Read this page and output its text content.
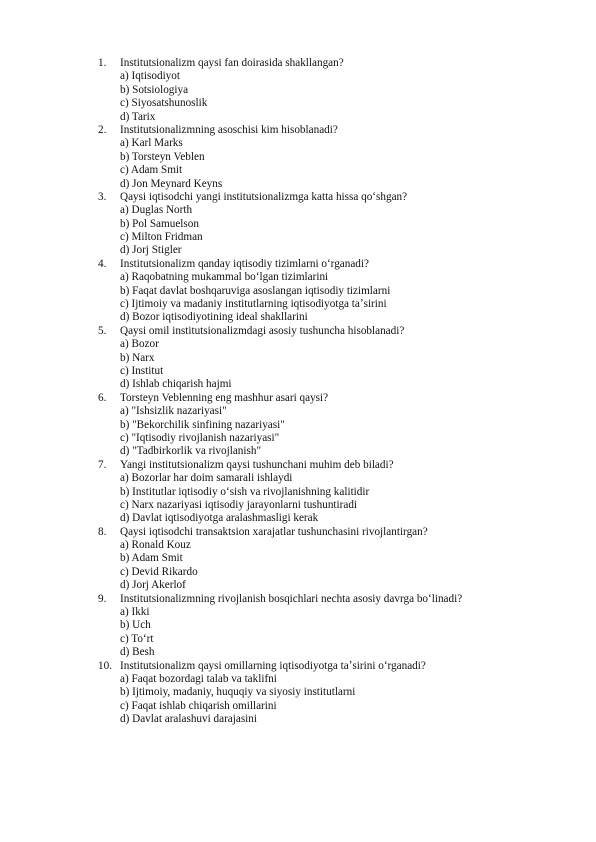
1.	Institutsionalizm qaysi fan doirasida shakllangan?
a) Iqtisodiyot
b) Sotsiologiya
c) Siyosatshunoslik
d) Tarix
2.	Institutsionalizmning asoschisi kim hisoblanadi?
a) Karl Marks
b) Torsteyn Veblen
c) Adam Smit
d) Jon Meynard Keyns
3.	Qaysi iqtisodchi yangi institutsionalizmga katta hissa qoʻshgan?
a) Duglas North
b) Pol Samuelson
c) Milton Fridman
d) Jorj Stigler
4.	Institutsionalizm qanday iqtisodiy tizimlarni oʻrganadi?
a) Raqobatning mukammal boʻlgan tizimlarini
b) Faqat davlat boshqaruviga asoslangan iqtisodiy tizimlarni
c) Ijtimoiy va madaniy institutlarning iqtisodiyotga taʼsirini
d) Bozor iqtisodiyotining ideal shakllarini
5.	Qaysi omil institutsionalizmdagi asosiy tushuncha hisoblanadi?
a) Bozor
b) Narx
c) Institut
d) Ishlab chiqarish hajmi
6.	Torsteyn Veblenning eng mashhur asari qaysi?
a) "Ishsizlik nazariyasi"
b) "Bekorchilik sinfining nazariyasi"
c) "Iqtisodiy rivojlanish nazariyasi"
d) "Tadbirkorlik va rivojlanish"
7.	Yangi institutsionalizm qaysi tushunchani muhim deb biladi?
a) Bozorlar har doim samarali ishlaydi
b) Institutlar iqtisodiy oʻsish va rivojlanishning kalitidir
c) Narx nazariyasi iqtisodiy jarayonlarni tushuntiradi
d) Davlat iqtisodiyotga aralashmasligi kerak
8.	Qaysi iqtisodchi transaktsion xarajatlar tushunchasini rivojlantirgan?
a) Ronald Kouz
b) Adam Smit
c) Devid Rikardo
d) Jorj Akerlof
9.	Institutsionalizmning rivojlanish bosqichlari nechta asosiy davrga boʻlinadi?
a) Ikki
b) Uch
c) Toʻrt
d) Besh
10. Institutsionalizm qaysi omillarning iqtisodiyotga taʼsirini oʻrganadi?
a) Faqat bozordagi talab va taklifni
b) Ijtimoiy, madaniy, huquqiy va siyosiy institutlarni
c) Faqat ishlab chiqarish omillarini
d) Davlat aralashuvi darajasini
